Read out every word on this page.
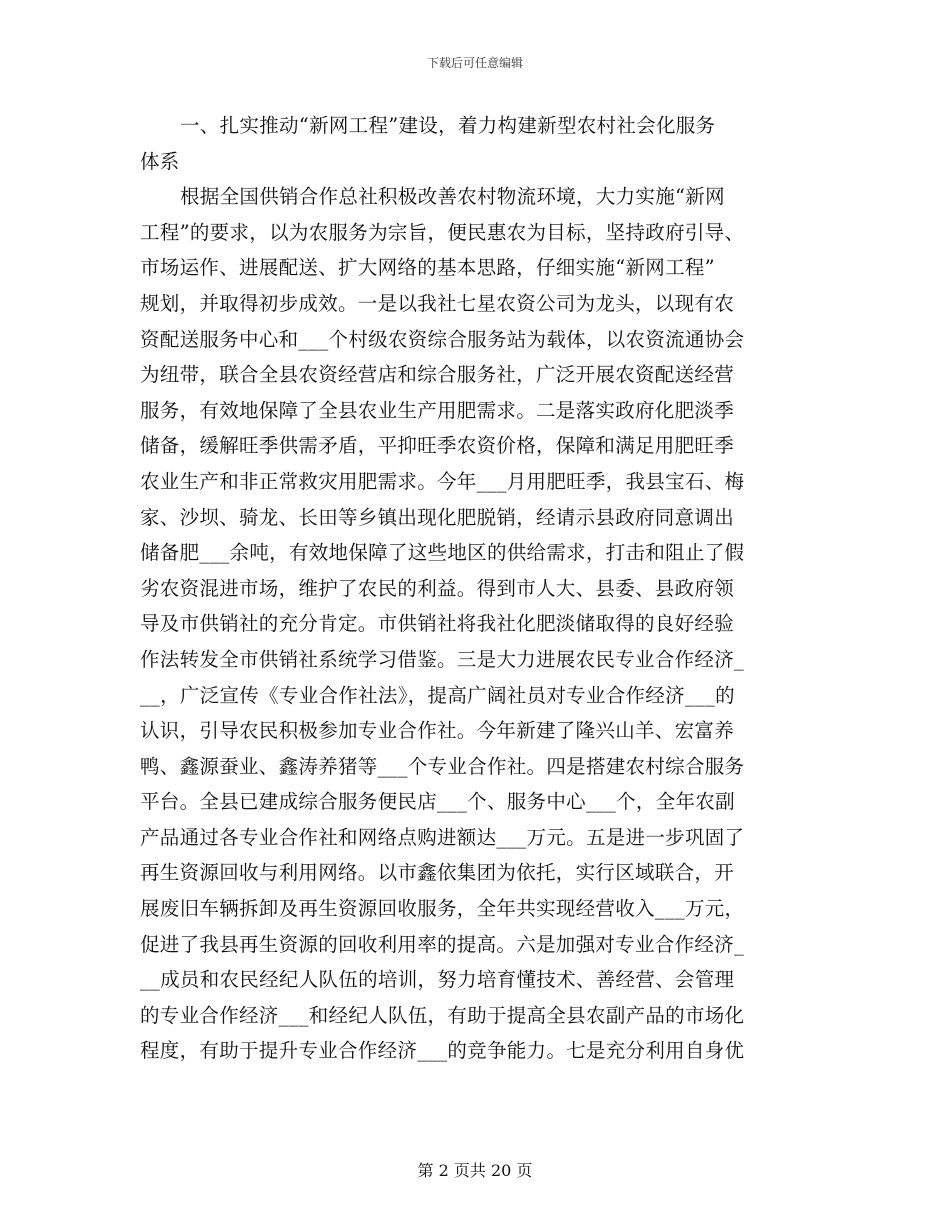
下载后可任意编辑
一、扎实推动“新网工程”建设，着力构建新型农村社会化服务
体系
根据全国供销合作总社积极改善农村物流环境，大力实施“新网
工程”的要求，以为农服务为宗旨，便民惠农为目标，坚持政府引导、
市场运作、进展配送、扩大网络的基本思路，仔细实施“新网工程”
规划，并取得初步成效。一是以我社七星农资公司为龙头，以现有农
资配送服务中心和___个村级农资综合服务站为载体，以农资流通协会
为纽带，联合全县农资经营店和综合服务社，广泛开展农资配送经营
服务，有效地保障了全县农业生产用肥需求。二是落实政府化肥淡季
储备，缓解旺季供需矛盾，平抑旺季农资价格，保障和满足用肥旺季
农业生产和非正常救灾用肥需求。今年___月用肥旺季，我县宝石、梅
家、沙坝、骑龙、长田等乡镇出现化肥脱销，经请示县政府同意调出
储备肥___余吨，有效地保障了这些地区的供给需求，打击和阻止了假
劣农资混进市场，维护了农民的利益。得到市人大、县委、县政府领
导及市供销社的充分肯定。市供销社将我社化肥淡储取得的良好经验
作法转发全市供销社系统学习借鉴。三是大力进展农民专业合作经济_
__，广泛宣传《专业合作社法》，提高广阔社员对专业合作经济___的
认识，引导农民积极参加专业合作社。今年新建了隆兴山羊、宏富养
鸭、鑫源蚕业、鑫涛养猪等___个专业合作社。四是搭建农村综合服务
平台。全县已建成综合服务便民店___个、服务中心___个，全年农副
产品通过各专业合作社和网络点购进额达___万元。五是进一步巩固了
再生资源回收与利用网络。以市鑫依集团为依托，实行区域联合，开
展废旧车辆拆卸及再生资源回收服务，全年共实现经营收入___万元，
促进了我县再生资源的回收利用率的提高。六是加强对专业合作经济_
__成员和农民经纪人队伍的培训，努力培育懂技术、善经营、会管理
的专业合作经济___和经纪人队伍，有助于提高全县农副产品的市场化
程度，有助于提升专业合作经济___的竞争能力。七是充分利用自身优
第 2 页共 20 页
